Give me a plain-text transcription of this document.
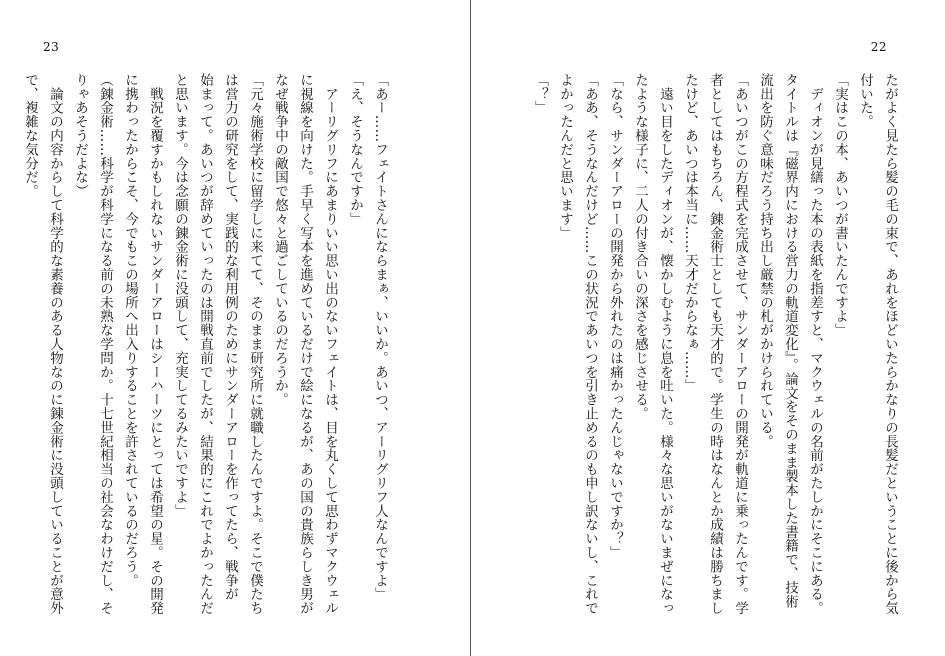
23
「あー……フェイトさんにならまぁ、いいか。あいつ、アーリグリフ人なんですよ」
「え、そうなんですか」
　アーリグリフにあまりいい思い出のないフェイトは、目を丸くして思わずマクウェル
に視線を向けた。手早く写本を進めているだけで絵になるが、あの国の貴族らしき男が
なぜ戦争中の敵国で悠々と過ごしているのだろうか。
「元々施術学校に留学しに来てて、そのまま研究所に就職したんですよ。そこで僕たち
は営力の研究をして、実践的な利用例のためにサンダーアローを作ってたら、戦争が
始まって。あいつが辞めていったのは開戦直前でしたが、結果的にこれでよかったんだ
と思います。今は念願の錬金術に没頭して、充実してるみたいですよ」
　戦況を覆すかもしれないサンダーアローはシーハーツにとっては希望の星。その開発
に携わったからこそ、今でもこの場所へ出入りすることを許されているのだろう。
（錬金術……科学が科学になる前の未熟な学問か。十七世紀相当の社会なわけだし、そ
りゃあそうだよな）
　論文の内容からして科学的な素養のある人物なのに錬金術に没頭していることが意外
で、複雑な気分だ。
22
たがよく見たら髪の毛の束で、あれをほどいたらかなりの長髪だということに後から気
付いた。
「実はこの本、あいつが書いたんですよ」
　ディオンが見繕った本の表紙を指差すと、マクウェルの名前がたしかにそこにある。
タイトルは『磁界内における営力の軌道変化』。論文をそのまま製本した書籍で、技術
流出を防ぐ意味だろう持ち出し厳禁の札がかけられている。
「あいつがこの方程式を完成させて、サンダーアローの開発が軌道に乗ったんです。学
者としてはもちろん、錬金術士としても天才的で。学生の時はなんとか成績は勝ちまし
たけど、あいつは本当に……天才だからなぁ……」
　遠い目をしたディオンが、懐かしむように息を吐いた。様々な思いがないまぜになっ
たような様子に、二人の付き合いの深さを感じさせる。
「なら、サンダーアローの開発から外れたのは痛かったんじゃないですか？」
「ああ、そうなんだけど……この状況であいつを引き止めるのも申し訳ないし、これで
よかったんだと思います」
「？」
